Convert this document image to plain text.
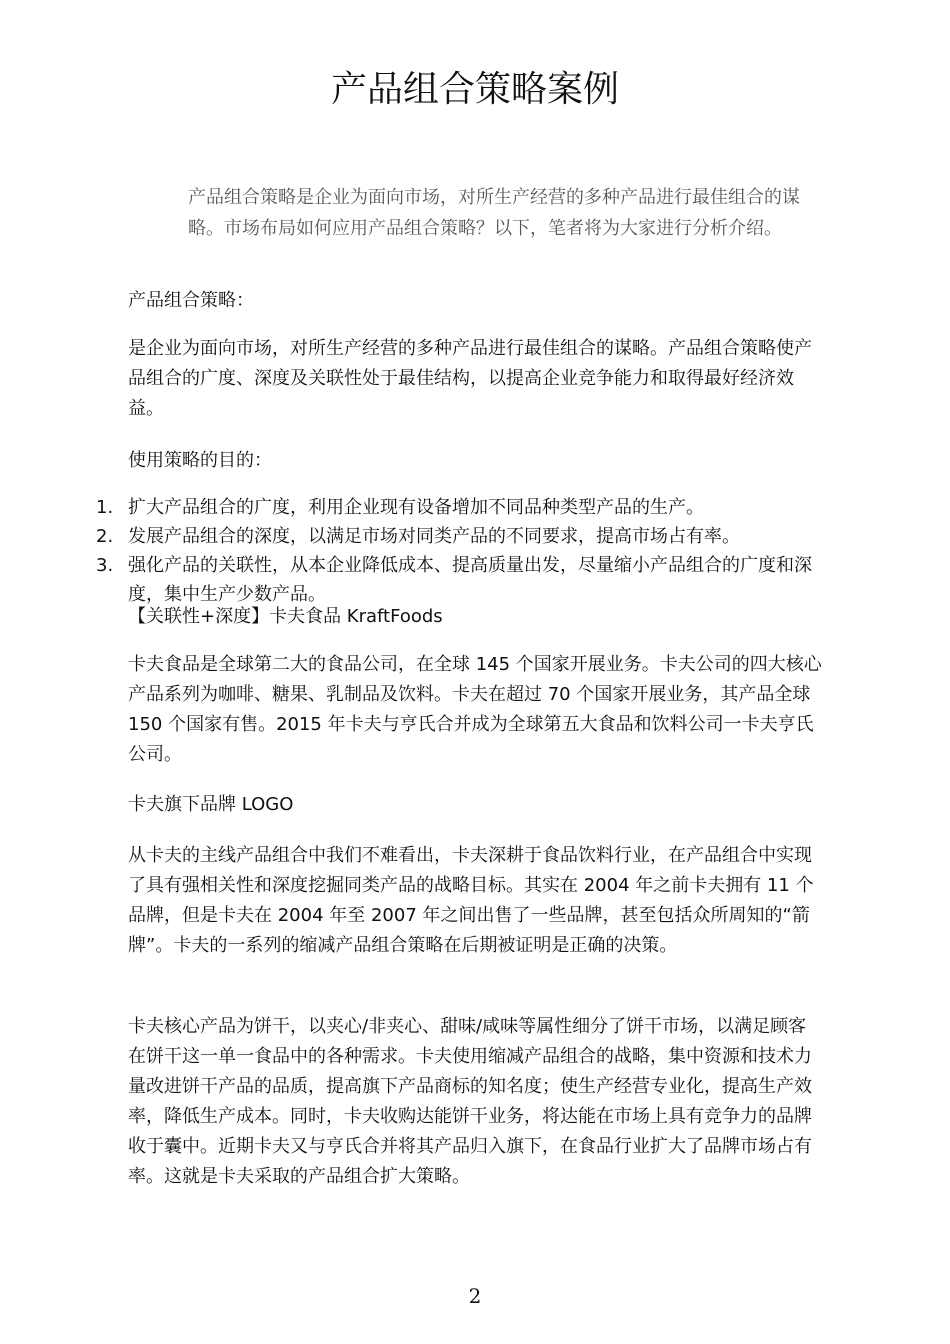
产品组合策略案例

产品组合策略是企业为面向市场，对所生产经营的多种产品进行最佳组合的谋略。市场布局如何应用产品组合策略？以下，笔者将为大家进行分析介绍。

产品组合策略：

是企业为面向市场，对所生产经营的多种产品进行最佳组合的谋略。产品组合策略使产品组合的广度、深度及关联性处于最佳结构，以提高企业竞争能力和取得最好经济效益。

使用策略的目的：

1. 扩大产品组合的广度，利用企业现有设备增加不同品种类型产品的生产。
2. 发展产品组合的深度，以满足市场对同类产品的不同要求，提高市场占有率。
3. 强化产品的关联性，从本企业降低成本、提高质量出发，尽量缩小产品组合的广度和深度，集中生产少数产品。

【关联性+深度】卡夫食品 KraftFoods

卡夫食品是全球第二大的食品公司，在全球 145 个国家开展业务。卡夫公司的四大核心产品系列为咖啡、糖果、乳制品及饮料。卡夫在超过 70 个国家开展业务，其产品全球 150 个国家有售。2015 年卡夫与亨氏合并成为全球第五大食品和饮料公司一卡夫亨氏公司。

卡夫旗下品牌 LOGO

从卡夫的主线产品组合中我们不难看出，卡夫深耕于食品饮料行业，在产品组合中实现了具有强相关性和深度挖掘同类产品的战略目标。其实在 2004 年之前卡夫拥有 11 个品牌，但是卡夫在 2004 年至 2007 年之间出售了一些品牌，甚至包括众所周知的“箭牌”。卡夫的一系列的缩减产品组合策略在后期被证明是正确的决策。

卡夫核心产品为饼干，以夹心/非夹心、甜味/咸味等属性细分了饼干市场，以满足顾客在饼干这一单一食品中的各种需求。卡夫使用缩减产品组合的战略，集中资源和技术力量改进饼干产品的品质，提高旗下产品商标的知名度；使生产经营专业化，提高生产效率，降低生产成本。同时，卡夫收购达能饼干业务，将达能在市场上具有竞争力的品牌收于囊中。近期卡夫又与亨氏合并将其产品归入旗下，在食品行业扩大了品牌市场占有率。这就是卡夫采取的产品组合扩大策略。

2
